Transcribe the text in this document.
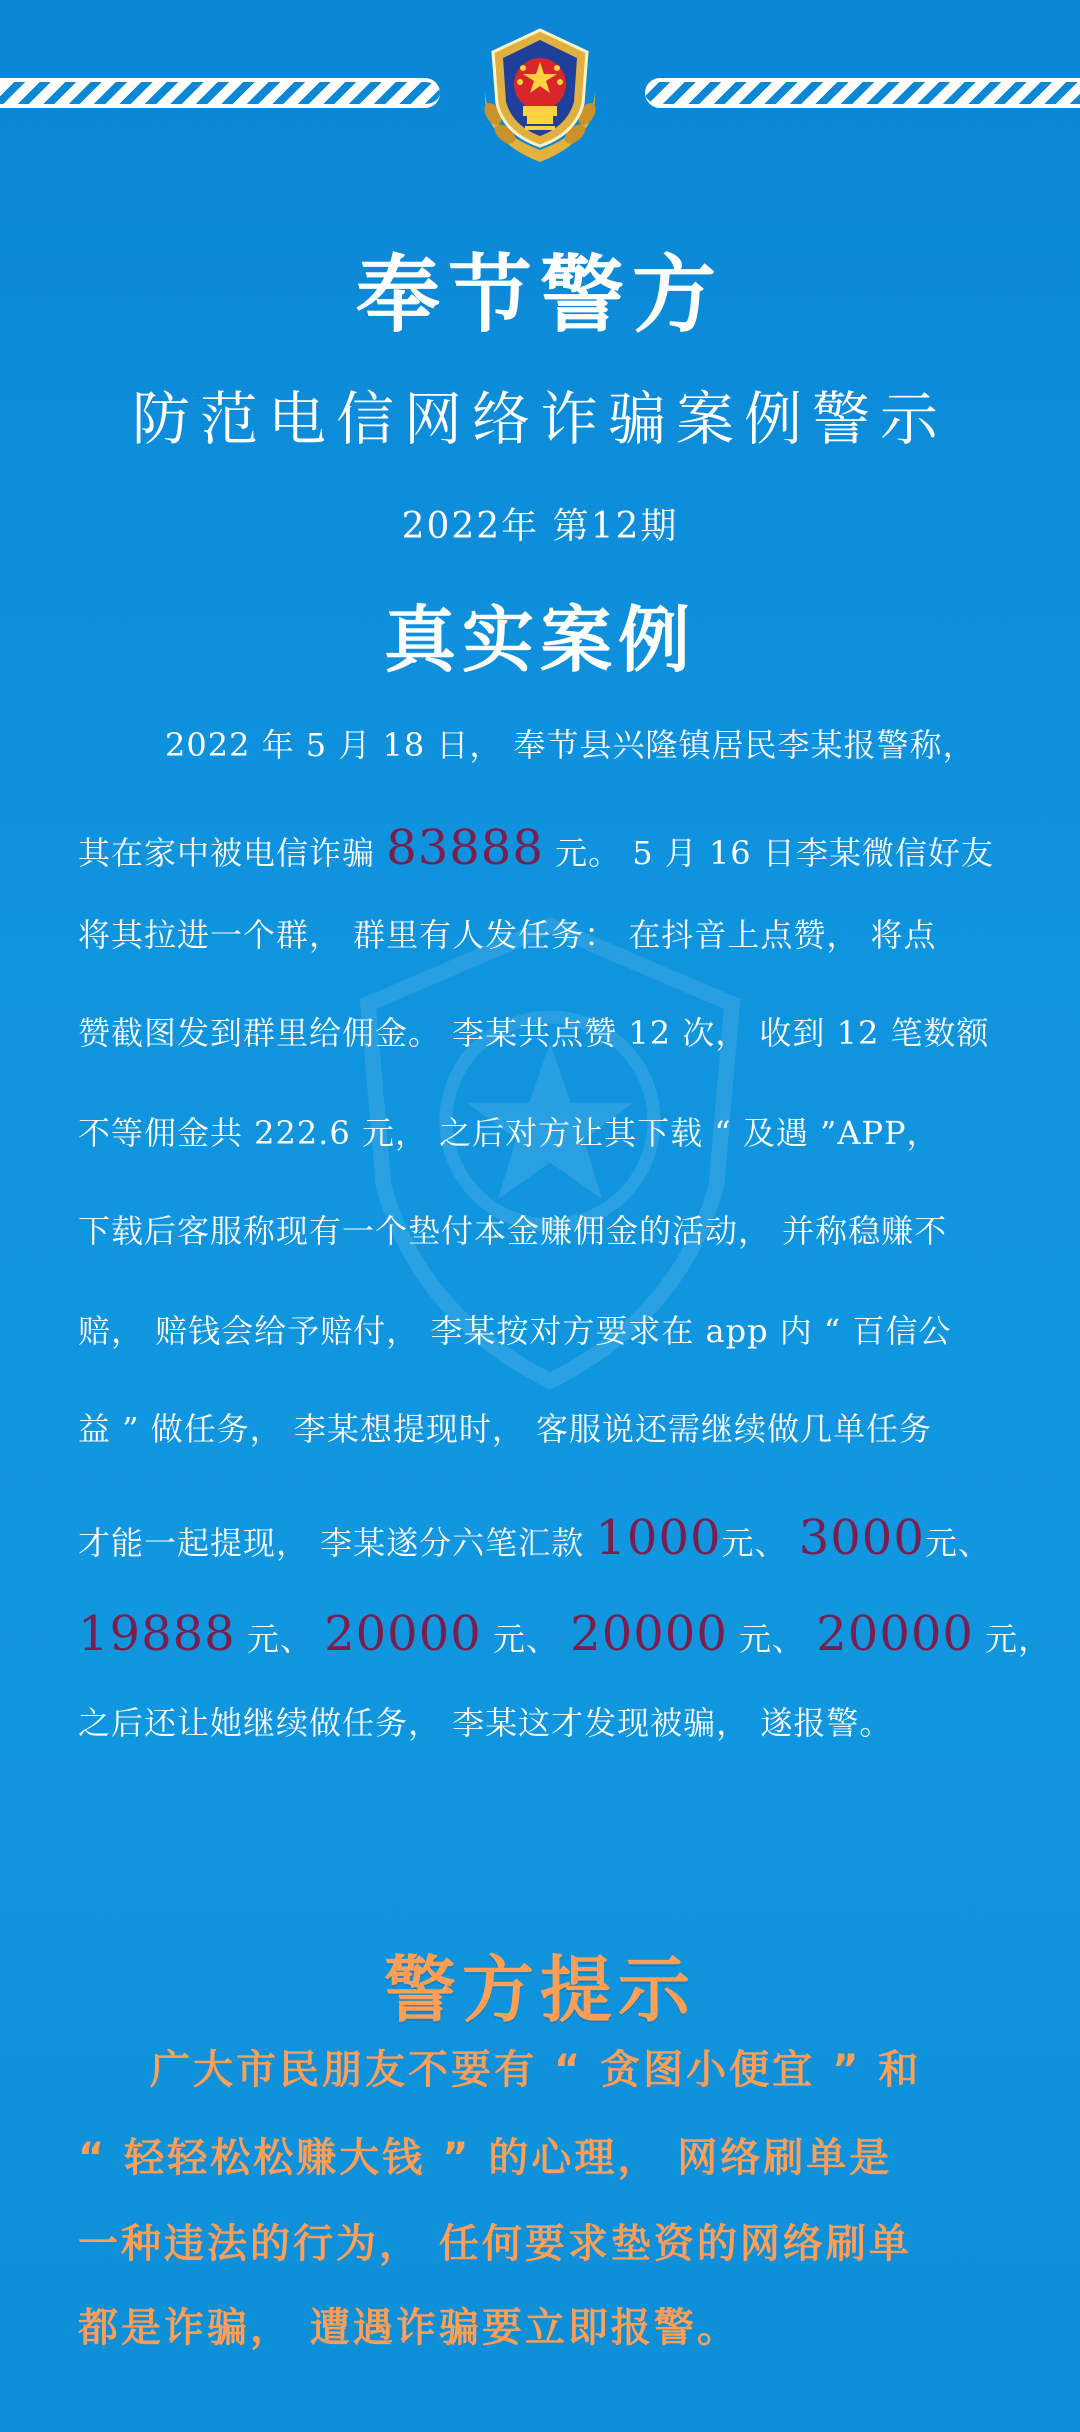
奉节警方
防范电信网络诈骗案例警示
2022年 第12期
真实案例
2022 年 5 月 18 日， 奉节县兴隆镇居民李某报警称，
其在家中被电信诈骗 83888 元。 5 月 16 日李某微信好友
将其拉进一个群， 群里有人发任务： 在抖音上点赞， 将点
赞截图发到群里给佣金。 李某共点赞 12 次， 收到 12 笔数额
不等佣金共 222.6 元， 之后对方让其下载 “ 及遇 ”APP，
下载后客服称现有一个垫付本金赚佣金的活动， 并称稳赚不
赔， 赔钱会给予赔付， 李某按对方要求在 app 内 “ 百信公
益 ” 做任务， 李某想提现时， 客服说还需继续做几单任务
才能一起提现， 李某遂分六笔汇款 1000元、 3000元、
19888 元、 20000 元、 20000 元、 20000 元，
之后还让她继续做任务， 李某这才发现被骗， 遂报警。
警方提示
广大市民朋友不要有 “ 贪图小便宜 ” 和
“ 轻轻松松赚大钱 ” 的心理， 网络刷单是
一种违法的行为， 任何要求垫资的网络刷单
都是诈骗， 遭遇诈骗要立即报警。
